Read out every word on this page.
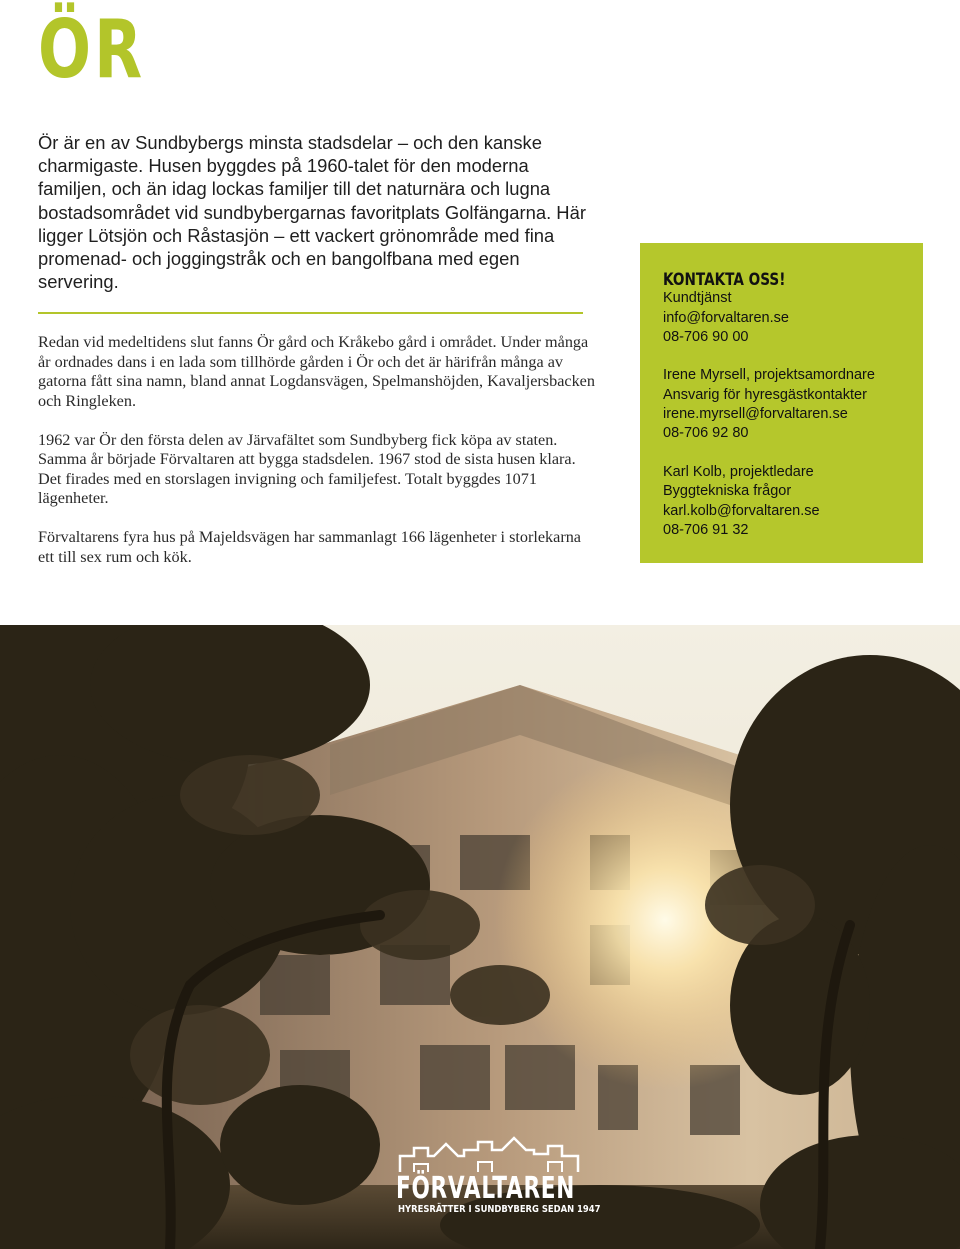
ÖR

Ör är en av Sundbybergs minsta stadsdelar – och den kanske charmigaste. Husen byggdes på 1960-talet för den moderna familjen, och än idag lockas familjer till det naturnära och lugna bostadsområdet vid sundbybergarnas favoritplats Golfängarna. Här ligger Lötsjön och Råstasjön – ett vackert grönområde med fina promenad- och joggingstråk och en bangolfbana med egen servering.

Redan vid medeltidens slut fanns Ör gård och Kråkebo gård i området. Under många år ordnades dans i en lada som tillhörde gården i Ör och det är härifrån många av gatorna fått sina namn, bland annat Logdansvägen, Spelmanshöjden, Kavaljersbacken och Ringleken.

1962 var Ör den första delen av Järvafältet som Sundbyberg fick köpa av staten. Samma år började Förvaltaren att bygga stadsdelen. 1967 stod de sista husen klara. Det firades med en storslagen invigning och familjefest. Totalt byggdes 1071 lägenheter.

Förvaltarens fyra hus på Majeldsvägen har sammanlagt 166 lägenheter i storlekarna ett till sex rum och kök.

KONTAKTA OSS!
Kundtjänst
info@forvaltaren.se
08-706 90 00
Irene Myrsell, projektsamordnare
Ansvarig för hyresgästkontakter
irene.myrsell@forvaltaren.se
08-706 92 80
Karl Kolb, projektledare
Byggtekniska frågor
karl.kolb@forvaltaren.se
08-706 91 32

FÖRVALTAREN

HYRESRÄTTER I SUNDBYBERG SEDAN 1947
